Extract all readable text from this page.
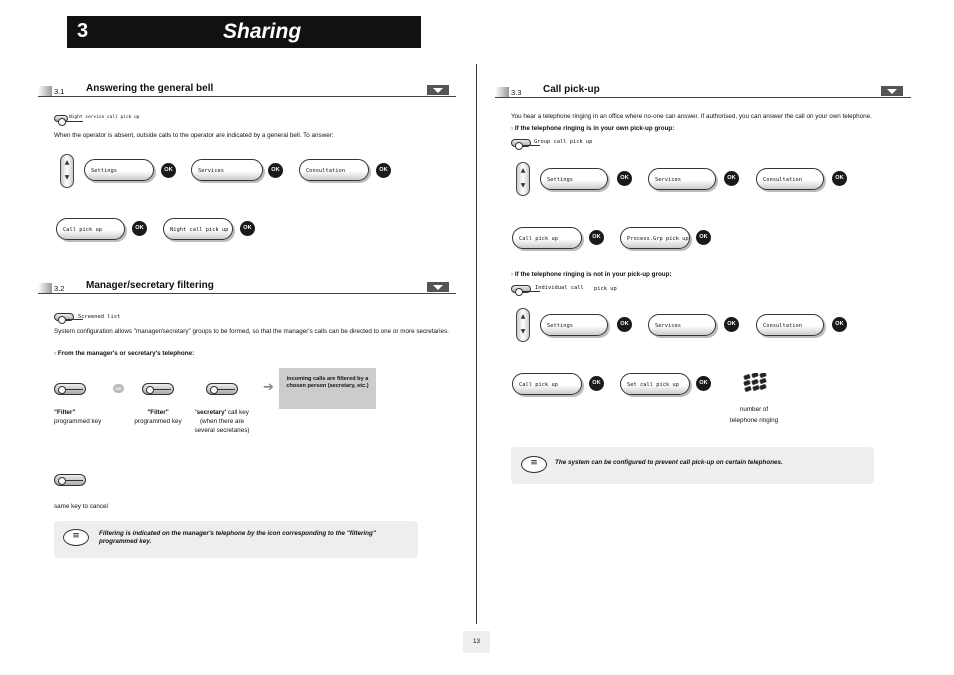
3	Sharing
3.1 Answering the general bell
Night service call pick up
When the operator is absent, outside calls to the operator are indicated by a general bell. To answer:
▲
▼
Settings	OK	Services	OK	Consultation	OK
Call pick up	OK	Night call pick up	OK
3.2 Manager/secretary filtering
Screened list
System configuration allows "manager/secretary" groups to be formed, so that the manager's calls can be directed to one or more secretaries.
› From the manager's or secretary's telephone:
OK	➔
incoming calls are filtered by a chosen person (secretary, etc.)
"Filter"
programmed key
"Filter"
programmed key
'secretary' call key (when there are several secretaries)
same key to cancel
≡	Filtering is indicated on the manager's telephone by the icon corresponding to the "filtering" programmed key.
3.3 Call pick-up
You hear a telephone ringing in an office where no-one can answer. If authorised, you can answer the call on your own telephone.
› If the telephone ringing is in your own pick-up group:
Group call pick up
▲
▼
Settings	OK	Services	OK	Consultation	OK
Call pick up	OK	Process.Grp pick up	OK
› If the telephone ringing is not in your pick-up group:
Individual call pick up
▲
▼
Settings	OK	Services	OK	Consultation	OK
Call pick up	OK	Set call pick up	OK
number of telephone ringing
≡	The system can be configured to prevent call pick-up on certain telephones.
13
